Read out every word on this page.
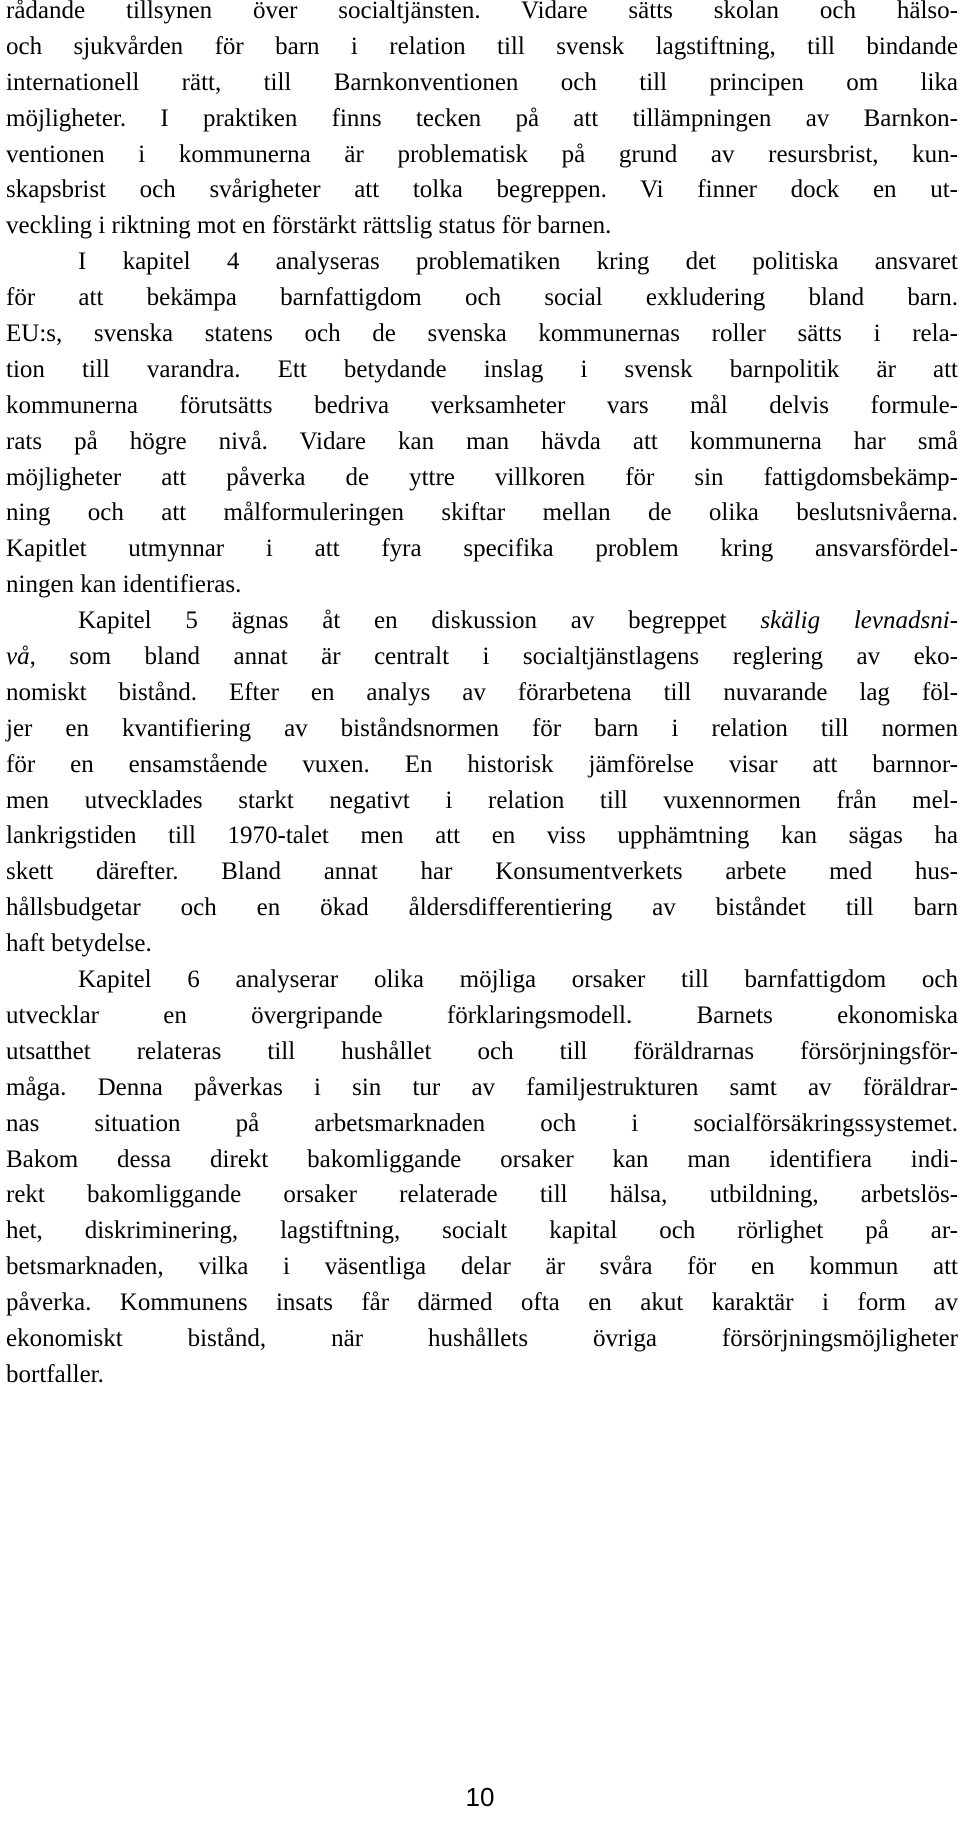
rådande tillsynen över socialtjänsten. Vidare sätts skolan och hälso-
och sjukvården för barn i relation till svensk lagstiftning, till bindande
internationell rätt, till Barnkonventionen och till principen om lika
möjligheter. I praktiken finns tecken på att tillämpningen av Barnkon-
ventionen i kommunerna är problematisk på grund av resursbrist, kun-
skapsbrist och svårigheter att tolka begreppen. Vi finner dock en ut-
veckling i riktning mot en förstärkt rättslig status för barnen.
I kapitel 4 analyseras problematiken kring det politiska ansvaret
för att bekämpa barnfattigdom och social exkludering bland barn.
EU:s, svenska statens och de svenska kommunernas roller sätts i rela-
tion till varandra. Ett betydande inslag i svensk barnpolitik är att
kommunerna förutsätts bedriva verksamheter vars mål delvis formule-
rats på högre nivå. Vidare kan man hävda att kommunerna har små
möjligheter att påverka de yttre villkoren för sin fattigdomsbekämp-
ning och att målformuleringen skiftar mellan de olika beslutsnivåerna.
Kapitlet utmynnar i att fyra specifika problem kring ansvarsfördel-
ningen kan identifieras.
Kapitel 5 ägnas åt en diskussion av begreppet skälig levnadsni-
vå, som bland annat är centralt i socialtjänstlagens reglering av eko-
nomiskt bistånd. Efter en analys av förarbetena till nuvarande lag föl-
jer en kvantifiering av biståndsnormen för barn i relation till normen
för en ensamstående vuxen. En historisk jämförelse visar att barnnor-
men utvecklades starkt negativt i relation till vuxennormen från mel-
lankrigstiden till 1970-talet men att en viss upphämtning kan sägas ha
skett därefter. Bland annat har Konsumentverkets arbete med hus-
hållsbudgetar och en ökad åldersdifferentiering av biståndet till barn
haft betydelse.
Kapitel 6 analyserar olika möjliga orsaker till barnfattigdom och
utvecklar en övergripande förklaringsmodell. Barnets ekonomiska
utsatthet relateras till hushållet och till föräldrarnas försörjningsför-
måga. Denna påverkas i sin tur av familjestrukturen samt av föräldrar-
nas situation på arbetsmarknaden och i socialförsäkringssystemet.
Bakom dessa direkt bakomliggande orsaker kan man identifiera indi-
rekt bakomliggande orsaker relaterade till hälsa, utbildning, arbetslös-
het, diskriminering, lagstiftning, socialt kapital och rörlighet på ar-
betsmarknaden, vilka i väsentliga delar är svåra för en kommun att
påverka. Kommunens insats får därmed ofta en akut karaktär i form av
ekonomiskt bistånd, när hushållets övriga försörjningsmöjligheter
bortfaller.
10
